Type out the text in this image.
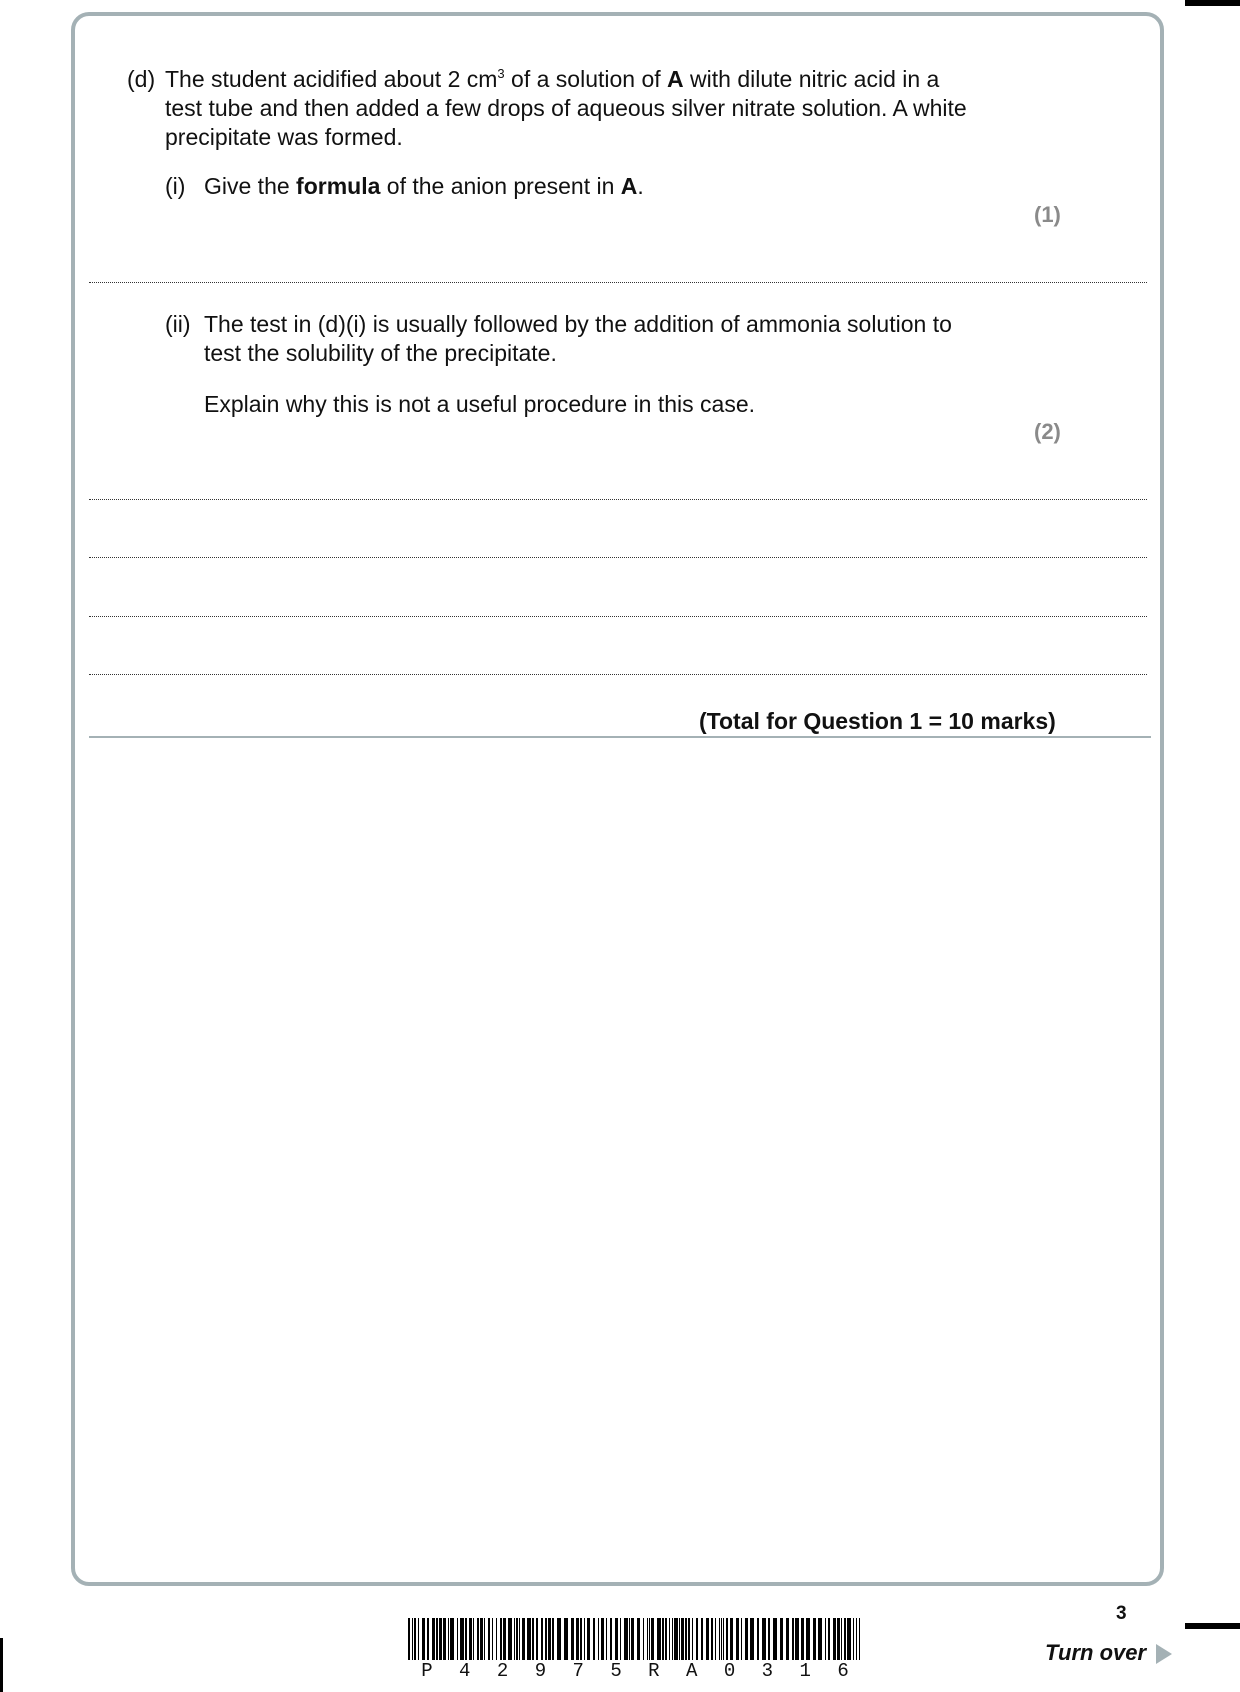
(d) The student acidified about 2 $cm^3$ of a solution of A with dilute nitric acid in a
test tube and then added a few drops of aqueous silver nitrate solution. A white
precipitate was formed.
(i) Give the formula of the anion present in A.
(1)
(ii) The test in (d)(i) is usually followed by the addition of ammonia solution to
test the solubility of the precipitate.
Explain why this is not a useful procedure in this case.
(2)
(Total for Question 1 = 10 marks)
3
P 4 2 9 7 5 R A 0 3 1 6
Turn over
